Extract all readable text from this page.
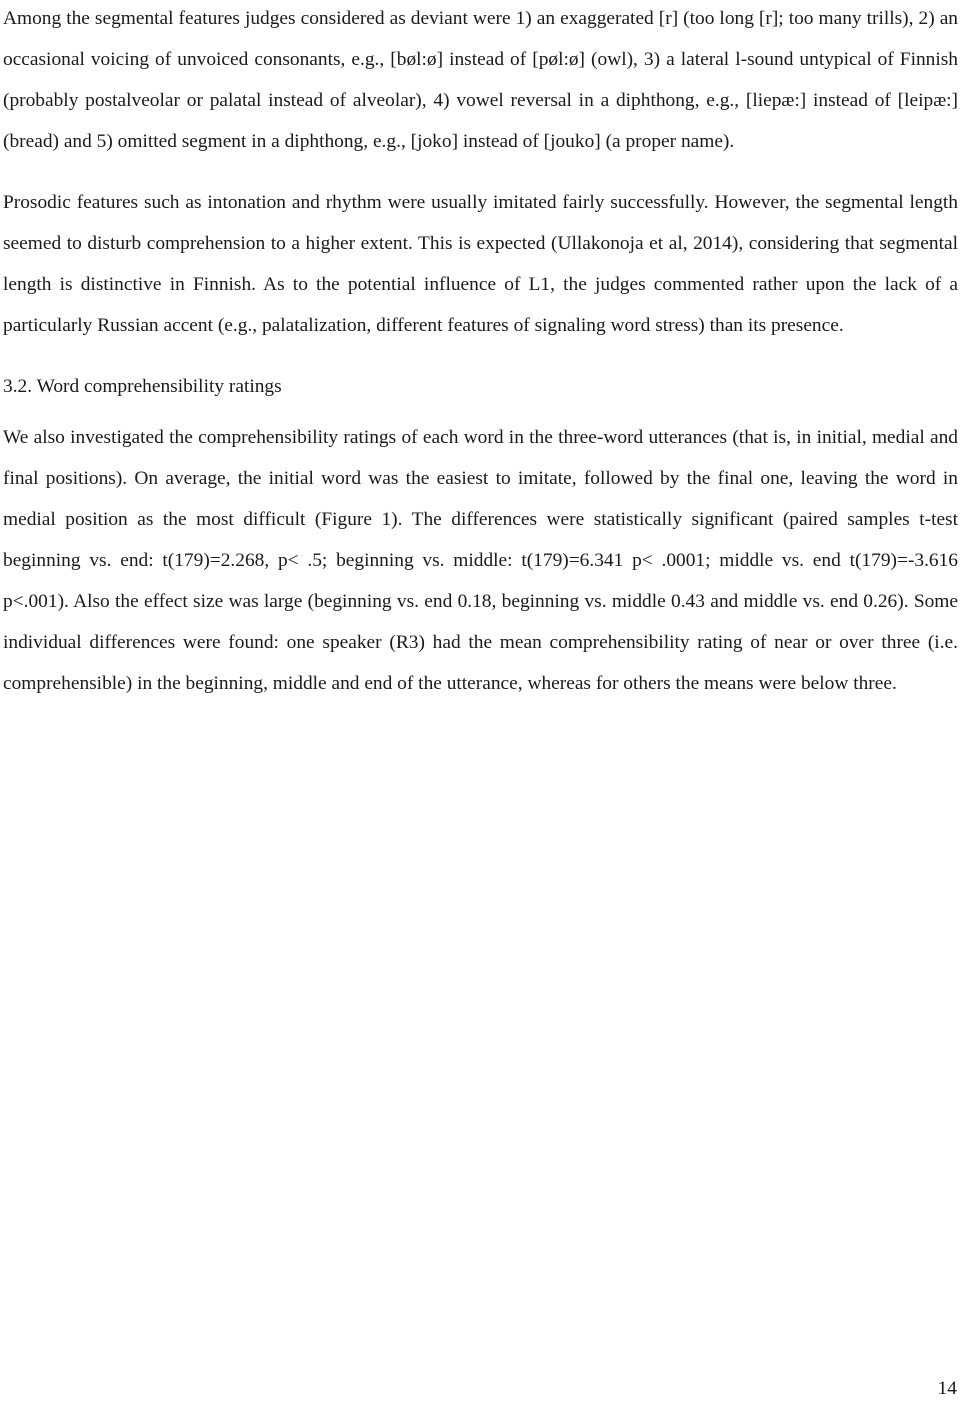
Among the segmental features judges considered as deviant were 1) an exaggerated [r] (too long [r]; too many trills), 2) an occasional voicing of unvoiced consonants, e.g., [bøl:ø] instead of [pøl:ø] (owl), 3) a lateral l-sound untypical of Finnish (probably postalveolar or palatal instead of alveolar), 4) vowel reversal in a diphthong, e.g., [liepæ:] instead of [leipæ:] (bread) and 5) omitted segment in a diphthong, e.g., [joko] instead of [jouko] (a proper name).

Prosodic features such as intonation and rhythm were usually imitated fairly successfully. However, the segmental length seemed to disturb comprehension to a higher extent. This is expected (Ullakonoja et al, 2014), considering that segmental length is distinctive in Finnish. As to the potential influence of L1, the judges commented rather upon the lack of a particularly Russian accent (e.g., palatalization, different features of signaling word stress) than its presence.

3.2. Word comprehensibility ratings

We also investigated the comprehensibility ratings of each word in the three-word utterances (that is, in initial, medial and final positions). On average, the initial word was the easiest to imitate, followed by the final one, leaving the word in medial position as the most difficult (Figure 1). The differences were statistically significant (paired samples t-test beginning vs. end: t(179)=2.268, p< .5; beginning vs. middle: t(179)=6.341 p< .0001; middle vs. end t(179)=-3.616 p<.001). Also the effect size was large (beginning vs. end 0.18, beginning vs. middle 0.43 and middle vs. end 0.26). Some individual differences were found: one speaker (R3) had the mean comprehensibility rating of near or over three (i.e. comprehensible) in the beginning, middle and end of the utterance, whereas for others the means were below three.

14
